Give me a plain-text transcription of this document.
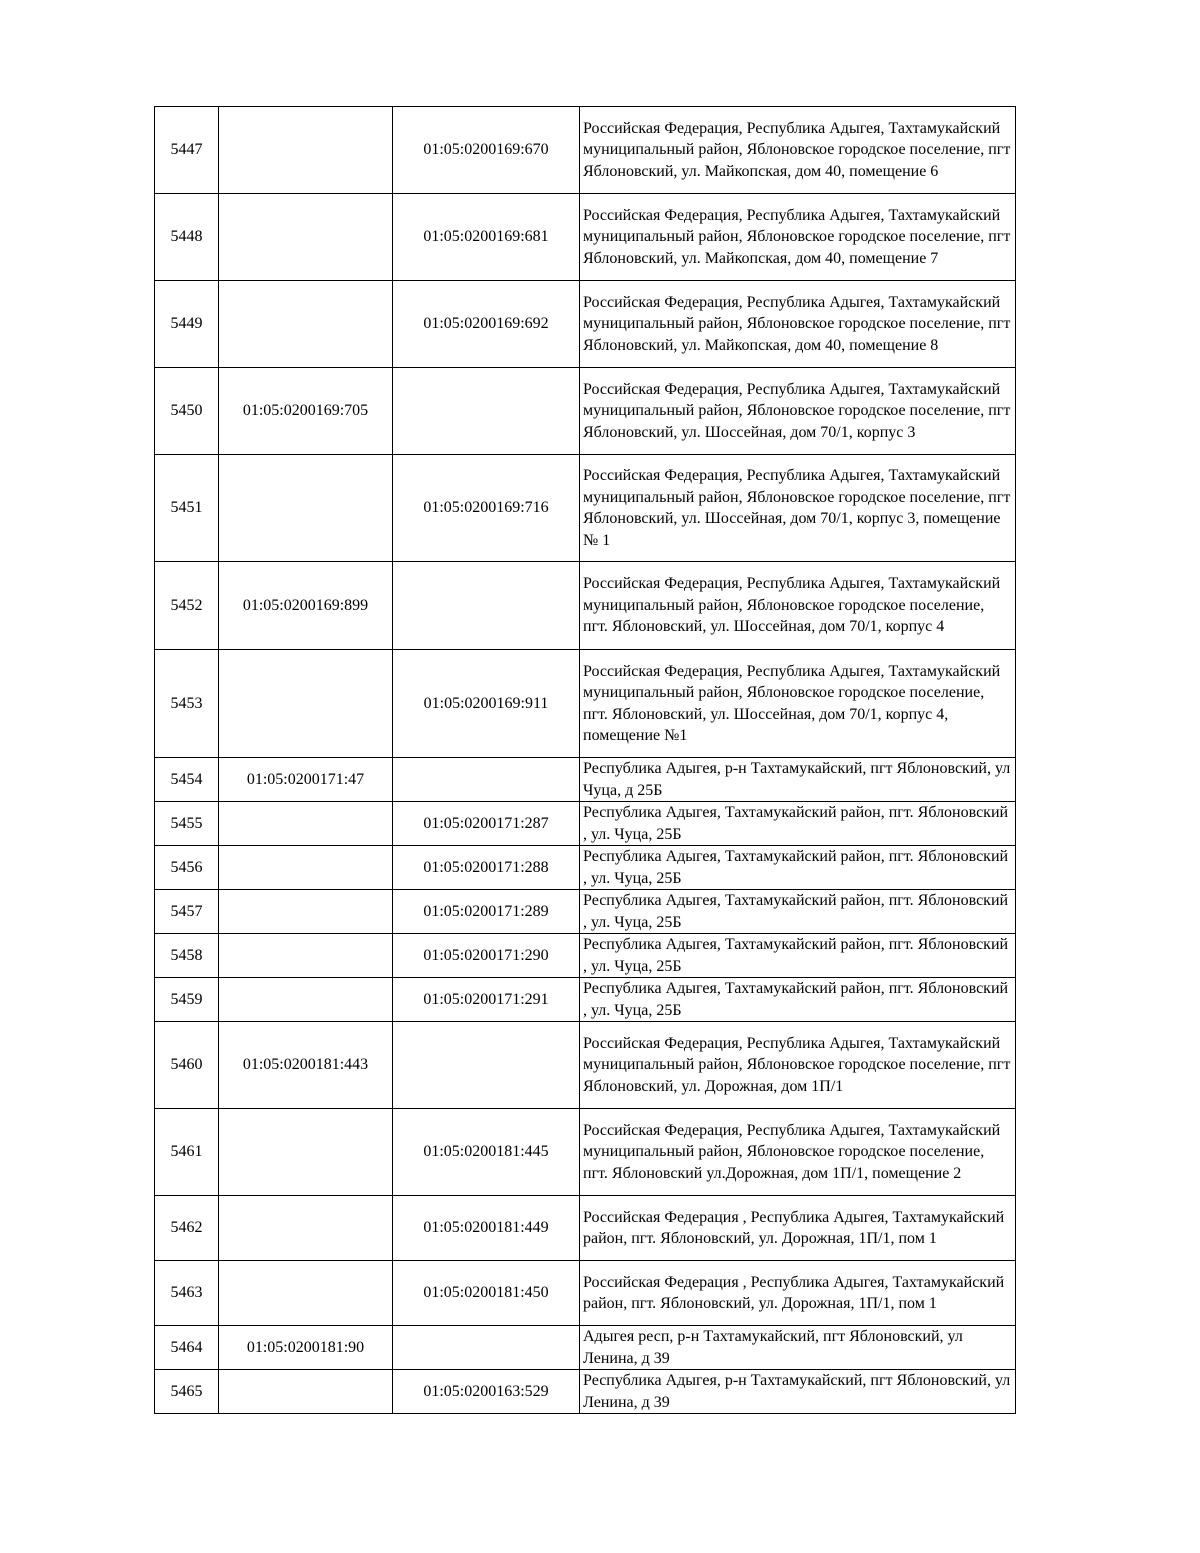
5447		01:05:0200169:670	Российская Федерация, Республика Адыгея, Тахтамукайский муниципальный район, Яблоновское городское поселение, пгт Яблоновский, ул. Майкопская, дом 40, помещение 6
5448		01:05:0200169:681	Российская Федерация, Республика Адыгея, Тахтамукайский муниципальный район, Яблоновское городское поселение, пгт Яблоновский, ул. Майкопская, дом 40, помещение 7
5449		01:05:0200169:692	Российская Федерация, Республика Адыгея, Тахтамукайский муниципальный район, Яблоновское городское поселение, пгт Яблоновский, ул. Майкопская, дом 40, помещение 8
5450	01:05:0200169:705		Российская Федерация, Республика Адыгея, Тахтамукайский муниципальный район, Яблоновское городское поселение, пгт Яблоновский, ул. Шоссейная, дом 70/1, корпус 3
5451		01:05:0200169:716	Российская Федерация, Республика Адыгея, Тахтамукайский муниципальный район, Яблоновское городское поселение, пгт Яблоновский, ул. Шоссейная, дом 70/1, корпус 3, помещение № 1
5452	01:05:0200169:899		Российская Федерация, Республика Адыгея, Тахтамукайский муниципальный район, Яблоновское городское поселение, пгт. Яблоновский, ул. Шоссейная, дом 70/1, корпус 4
5453		01:05:0200169:911	Российская Федерация, Республика Адыгея, Тахтамукайский муниципальный район, Яблоновское городское поселение, пгт. Яблоновский, ул. Шоссейная, дом 70/1, корпус 4, помещение №1
5454	01:05:0200171:47		Республика Адыгея, р-н Тахтамукайский, пгт Яблоновский, ул Чуца, д 25Б
5455		01:05:0200171:287	Республика Адыгея, Тахтамукайский район, пгт. Яблоновский , ул. Чуца, 25Б
5456		01:05:0200171:288	Республика Адыгея, Тахтамукайский район, пгт. Яблоновский , ул. Чуца, 25Б
5457		01:05:0200171:289	Республика Адыгея, Тахтамукайский район, пгт. Яблоновский , ул. Чуца, 25Б
5458		01:05:0200171:290	Республика Адыгея, Тахтамукайский район, пгт. Яблоновский , ул. Чуца, 25Б
5459		01:05:0200171:291	Республика Адыгея, Тахтамукайский район, пгт. Яблоновский , ул. Чуца, 25Б
5460	01:05:0200181:443		Российская Федерация, Республика Адыгея, Тахтамукайский муниципальный район, Яблоновское городское поселение, пгт Яблоновский, ул. Дорожная, дом 1П/1
5461		01:05:0200181:445	Российская Федерация, Республика Адыгея, Тахтамукайский муниципальный район, Яблоновское городское поселение, пгт. Яблоновский ул.Дорожная, дом 1П/1, помещение 2
5462		01:05:0200181:449	Российская Федерация , Республика Адыгея, Тахтамукайский район, пгт. Яблоновский, ул. Дорожная, 1П/1, пом 1
5463		01:05:0200181:450	Российская Федерация , Республика Адыгея, Тахтамукайский район, пгт. Яблоновский, ул. Дорожная, 1П/1, пом 1
5464	01:05:0200181:90		Адыгея респ, р-н Тахтамукайский, пгт Яблоновский, ул Ленина, д 39
5465		01:05:0200163:529	Республика Адыгея, р-н Тахтамукайский, пгт Яблоновский, ул Ленина, д 39
